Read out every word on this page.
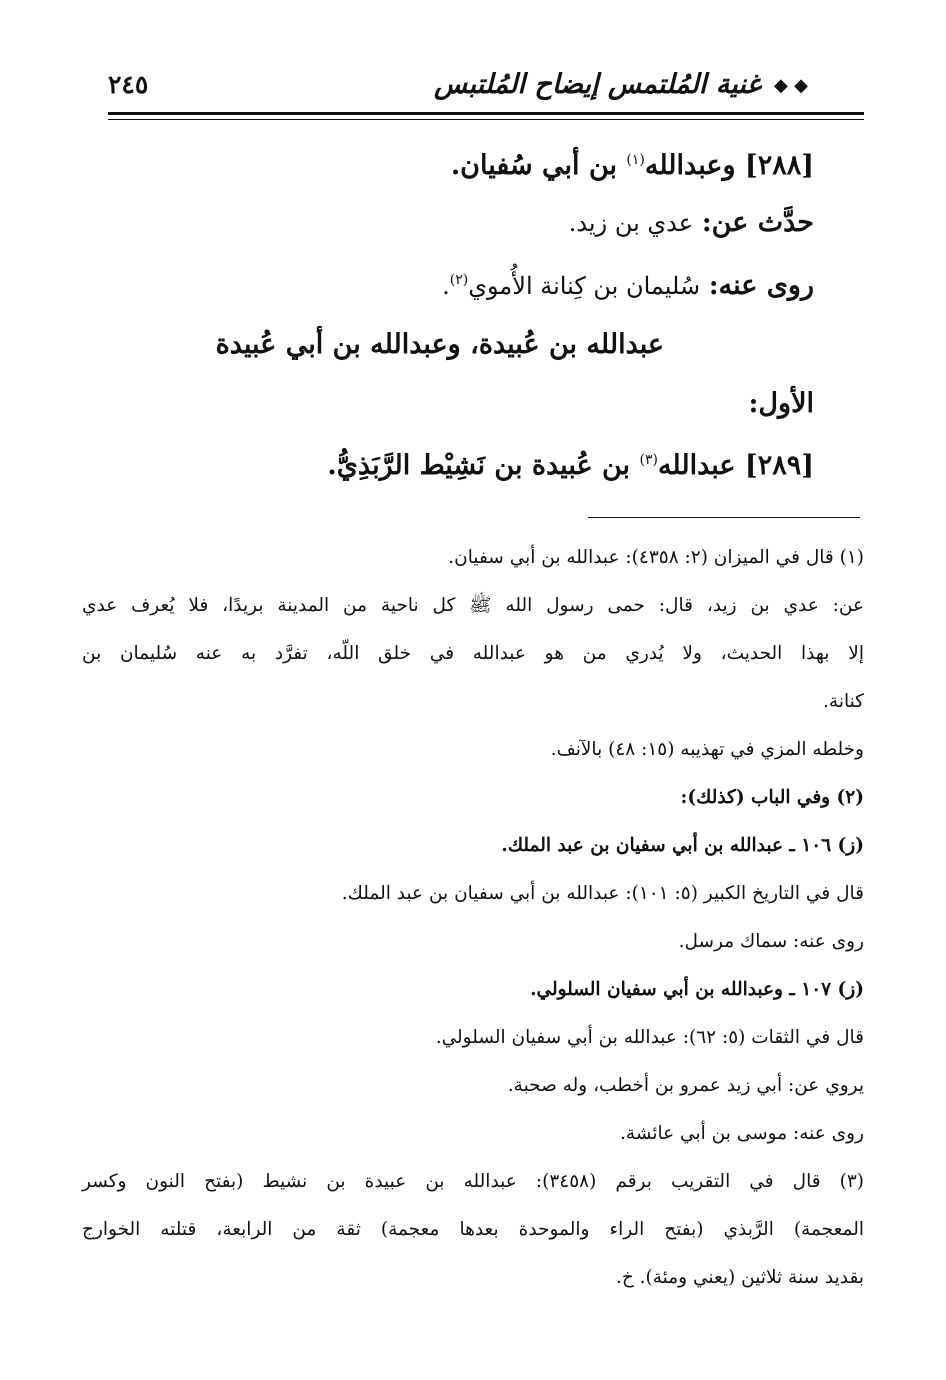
◆ ◆ غنية المُلتمس إيضاح المُلتبس
٢٤٥
[٢٨٨] وعبدالله$^{(١)}$ بن أبي سُفيان.
حدَّث عن: عدي بن زيد.
روى عنه: سُليمان بن كِنانة الأُموي$^{(٢)}$.
عبدالله بن عُبيدة، وعبدالله بن أبي عُبيدة
الأول:
[٢٨٩] عبدالله$^{(٣)}$ بن عُبيدة بن نَشِيْط الرَّبَذِيُّ.
(١) قال في الميزان (٢: ٤٣٥٨): عبدالله بن أبي سفيان.
عن: عدي بن زيد، قال: حمى رسول الله ﷺ كل ناحية من المدينة بريدًا، فلا يُعرف عدي
إلا بهذا الحديث، ولا يُدري من هو عبدالله في خلق اللّه، تفرَّد به عنه سُليمان بن
كنانة.
وخلطه المزي في تهذيبه (١٥: ٤٨) بالآنف.
(٢) وفي الباب (كذلك):
(ز) ١٠٦ ـ عبدالله بن أبي سفيان بن عبد الملك.
قال في التاريخ الكبير (٥: ١٠١): عبدالله بن أبي سفيان بن عبد الملك.
روى عنه: سماك مرسل.
(ز) ١٠٧ ـ وعبدالله بن أبي سفيان السلولي.
قال في الثقات (٥: ٦٢): عبدالله بن أبي سفيان السلولي.
يروي عن: أبي زيد عمرو بن أخطب، وله صحبة.
روى عنه: موسى بن أبي عائشة.
(٣) قال في التقريب برقم (٣٤٥٨): عبدالله بن عبيدة بن نشيط (بفتح النون وكسر
المعجمة) الرَّبذي (بفتح الراء والموحدة بعدها معجمة) ثقة من الرابعة، قتلته الخوارج
بقديد سنة ثلاثين (يعني ومئة). خ.
